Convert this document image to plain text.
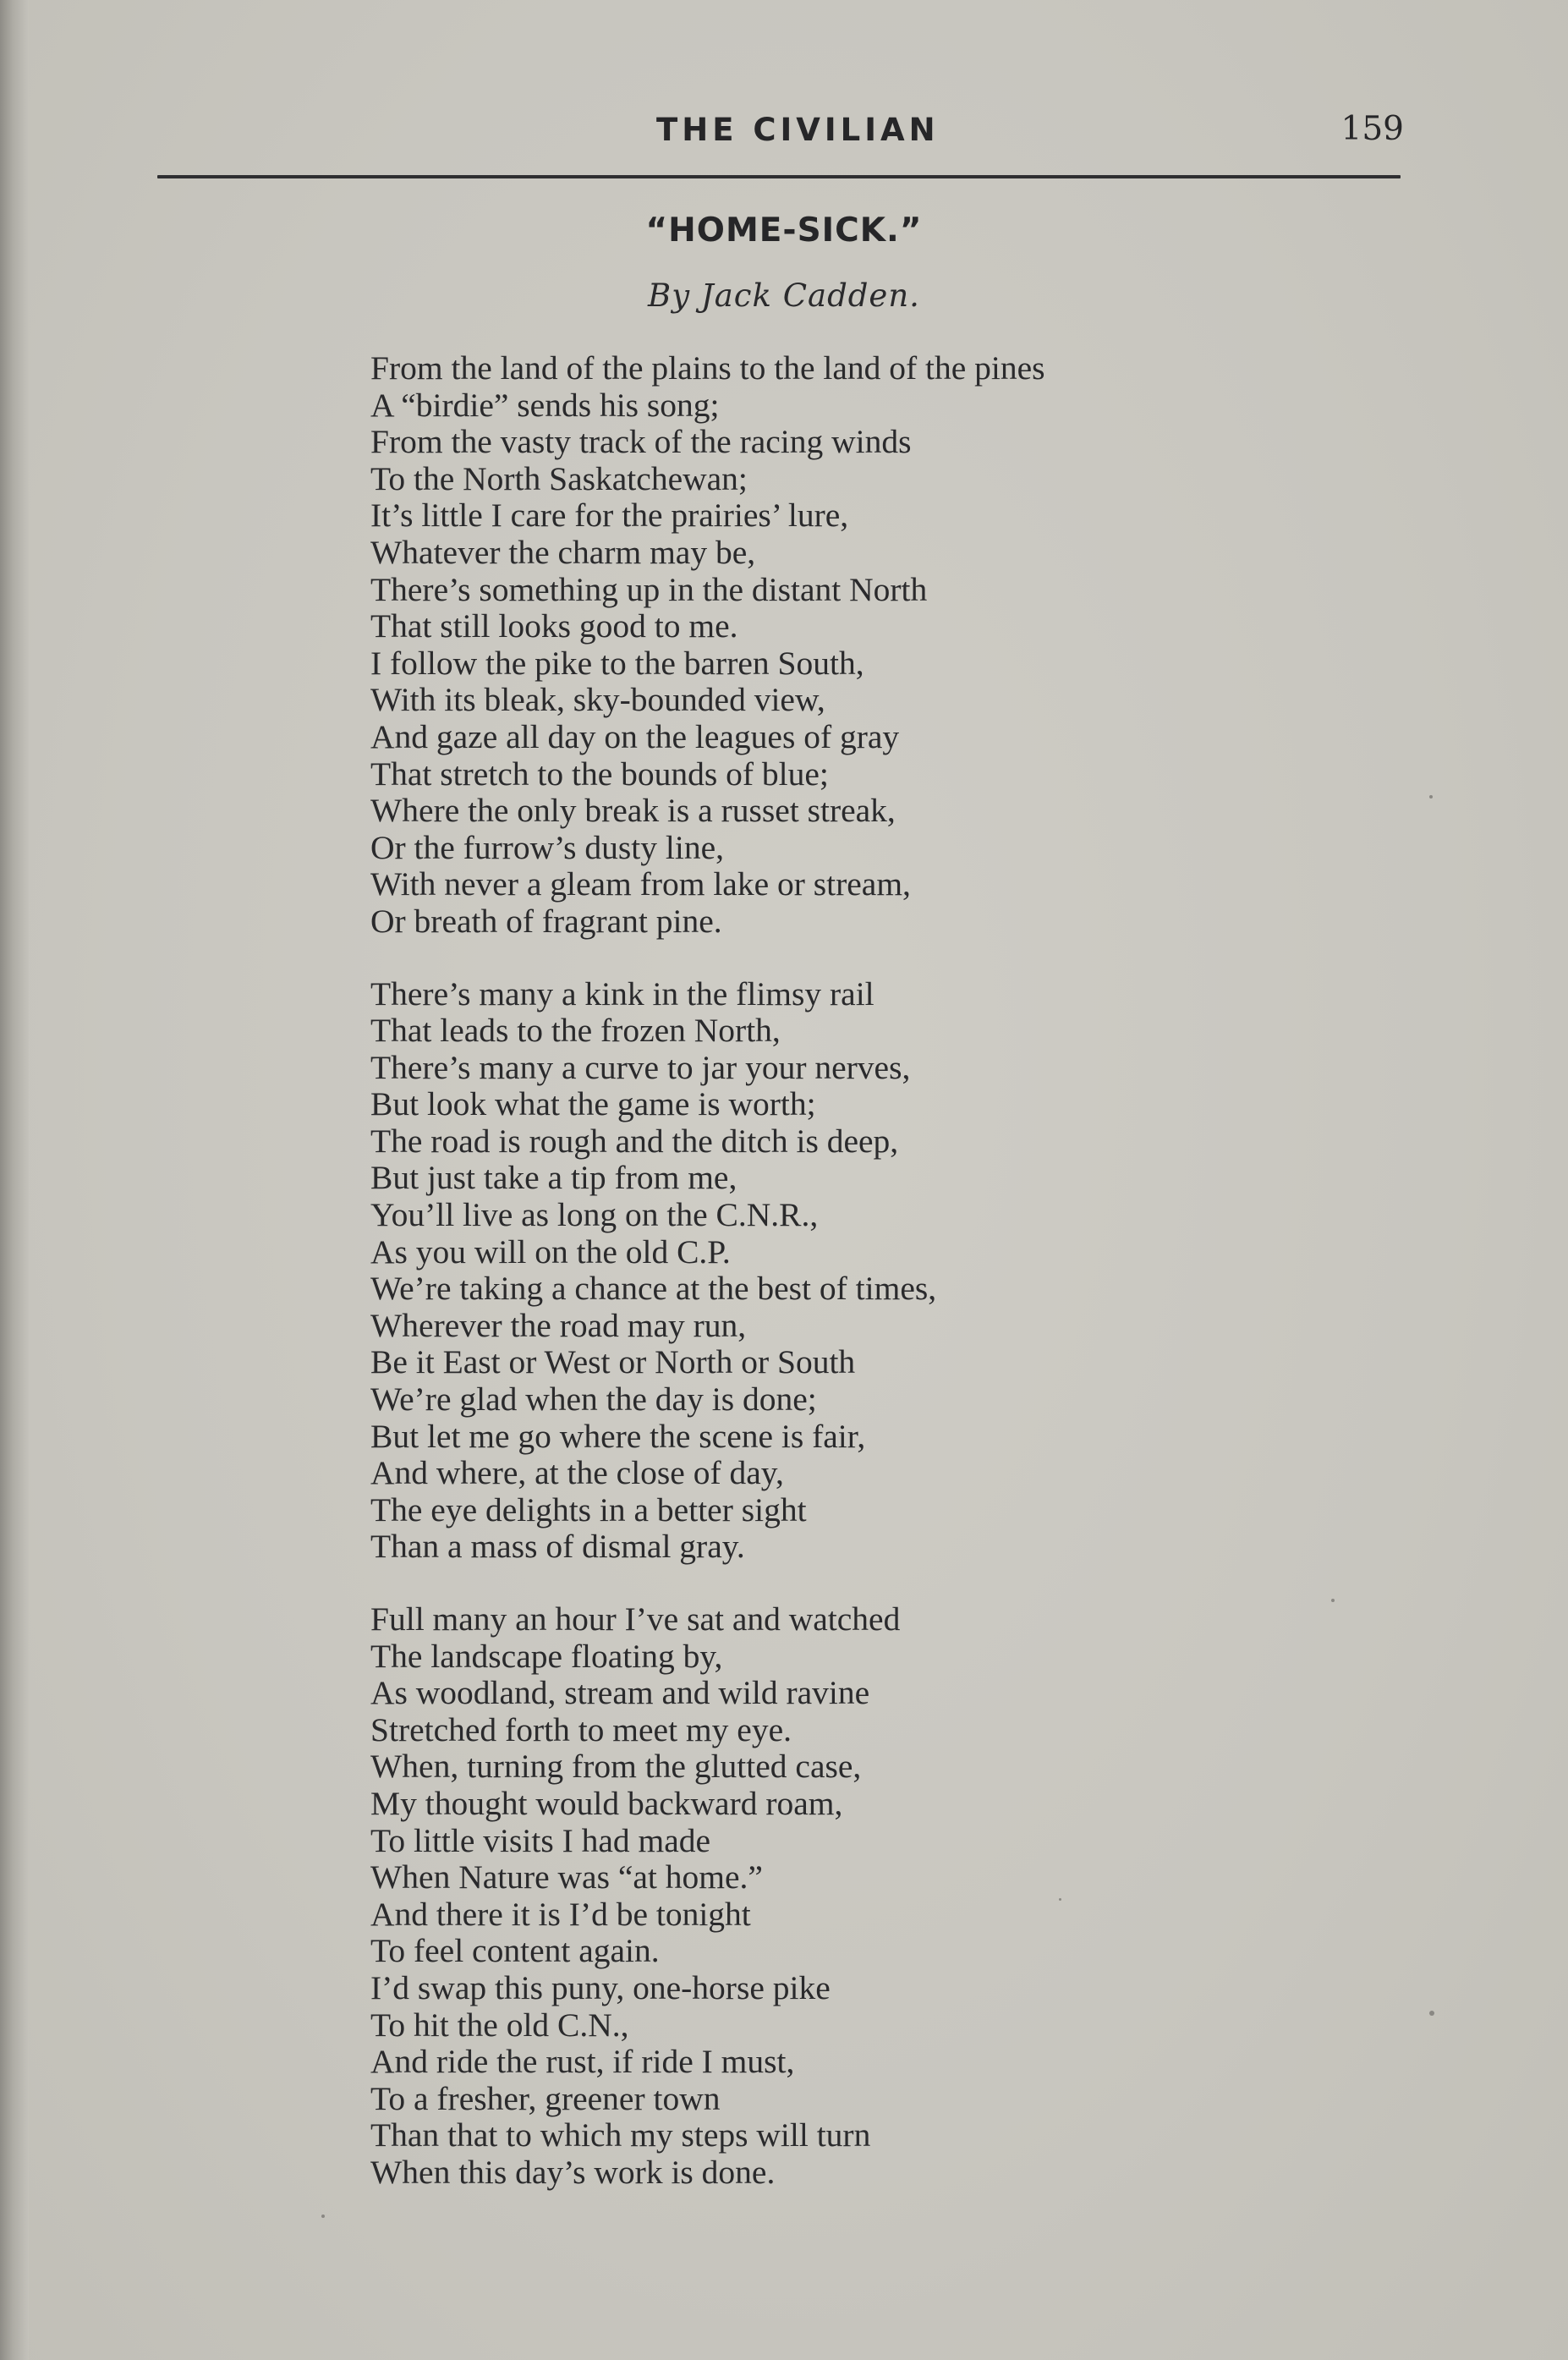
THE CIVILIAN	159
“HOME-SICK.”
By Jack Cadden.
From the land of the plains to the land of the pines
A “birdie” sends his song;
From the vasty track of the racing winds
To the North Saskatchewan;
It’s little I care for the prairies’ lure,
Whatever the charm may be,
There’s something up in the distant North
That still looks good to me.
I follow the pike to the barren South,
With its bleak, sky-bounded view,
And gaze all day on the leagues of gray
That stretch to the bounds of blue;
Where the only break is a russet streak,
Or the furrow’s dusty line,
With never a gleam from lake or stream,
Or breath of fragrant pine.
There’s many a kink in the flimsy rail
That leads to the frozen North,
There’s many a curve to jar your nerves,
But look what the game is worth;
The road is rough and the ditch is deep,
But just take a tip from me,
You’ll live as long on the C.N.R.,
As you will on the old C.P.
We’re taking a chance at the best of times,
Wherever the road may run,
Be it East or West or North or South
We’re glad when the day is done;
But let me go where the scene is fair,
And where, at the close of day,
The eye delights in a better sight
Than a mass of dismal gray.
Full many an hour I’ve sat and watched
The landscape floating by,
As woodland, stream and wild ravine
Stretched forth to meet my eye.
When, turning from the glutted case,
My thought would backward roam,
To little visits I had made
When Nature was “at home.”
And there it is I’d be tonight
To feel content again.
I’d swap this puny, one-horse pike
To hit the old C.N.,
And ride the rust, if ride I must,
To a fresher, greener town
Than that to which my steps will turn
When this day’s work is done.
